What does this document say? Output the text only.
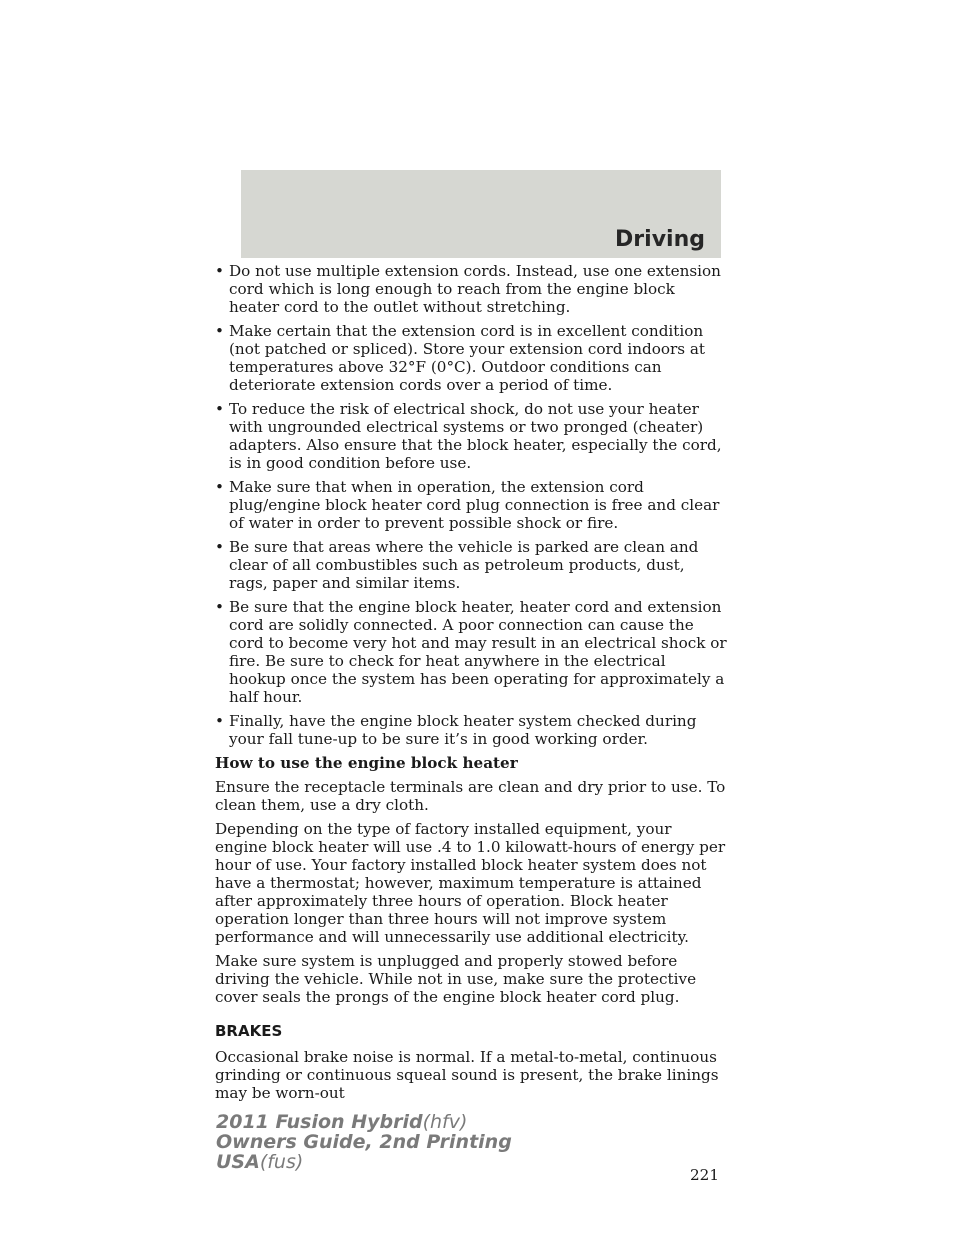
Driving
• Do not use multiple extension cords. Instead, use one extension cord which is long enough to reach from the engine block heater cord to the outlet without stretching.
• Make certain that the extension cord is in excellent condition (not patched or spliced). Store your extension cord indoors at temperatures above 32°F (0°C). Outdoor conditions can deteriorate extension cords over a period of time.
• To reduce the risk of electrical shock, do not use your heater with ungrounded electrical systems or two pronged (cheater) adapters. Also ensure that the block heater, especially the cord, is in good condition before use.
• Make sure that when in operation, the extension cord plug/engine block heater cord plug connection is free and clear of water in order to prevent possible shock or fire.
• Be sure that areas where the vehicle is parked are clean and clear of all combustibles such as petroleum products, dust, rags, paper and similar items.
• Be sure that the engine block heater, heater cord and extension cord are solidly connected. A poor connection can cause the cord to become very hot and may result in an electrical shock or fire. Be sure to check for heat anywhere in the electrical hookup once the system has been operating for approximately a half hour.
• Finally, have the engine block heater system checked during your fall tune-up to be sure it’s in good working order.
How to use the engine block heater

Ensure the receptacle terminals are clean and dry prior to use. To clean them, use a dry cloth.

Depending on the type of factory installed equipment, your engine block heater will use .4 to 1.0 kilowatt-hours of energy per hour of use. Your factory installed block heater system does not have a thermostat; however, maximum temperature is attained after approximately three hours of operation. Block heater operation longer than three hours will not improve system performance and will unnecessarily use additional electricity.

Make sure system is unplugged and properly stowed before driving the vehicle. While not in use, make sure the protective cover seals the prongs of the engine block heater cord plug.

BRAKES

Occasional brake noise is normal. If a metal-to-metal, continuous grinding or continuous squeal sound is present, the brake linings may be worn-out

221
2011 Fusion Hybrid(hfv)
Owners Guide, 2nd Printing
USA(fus)
